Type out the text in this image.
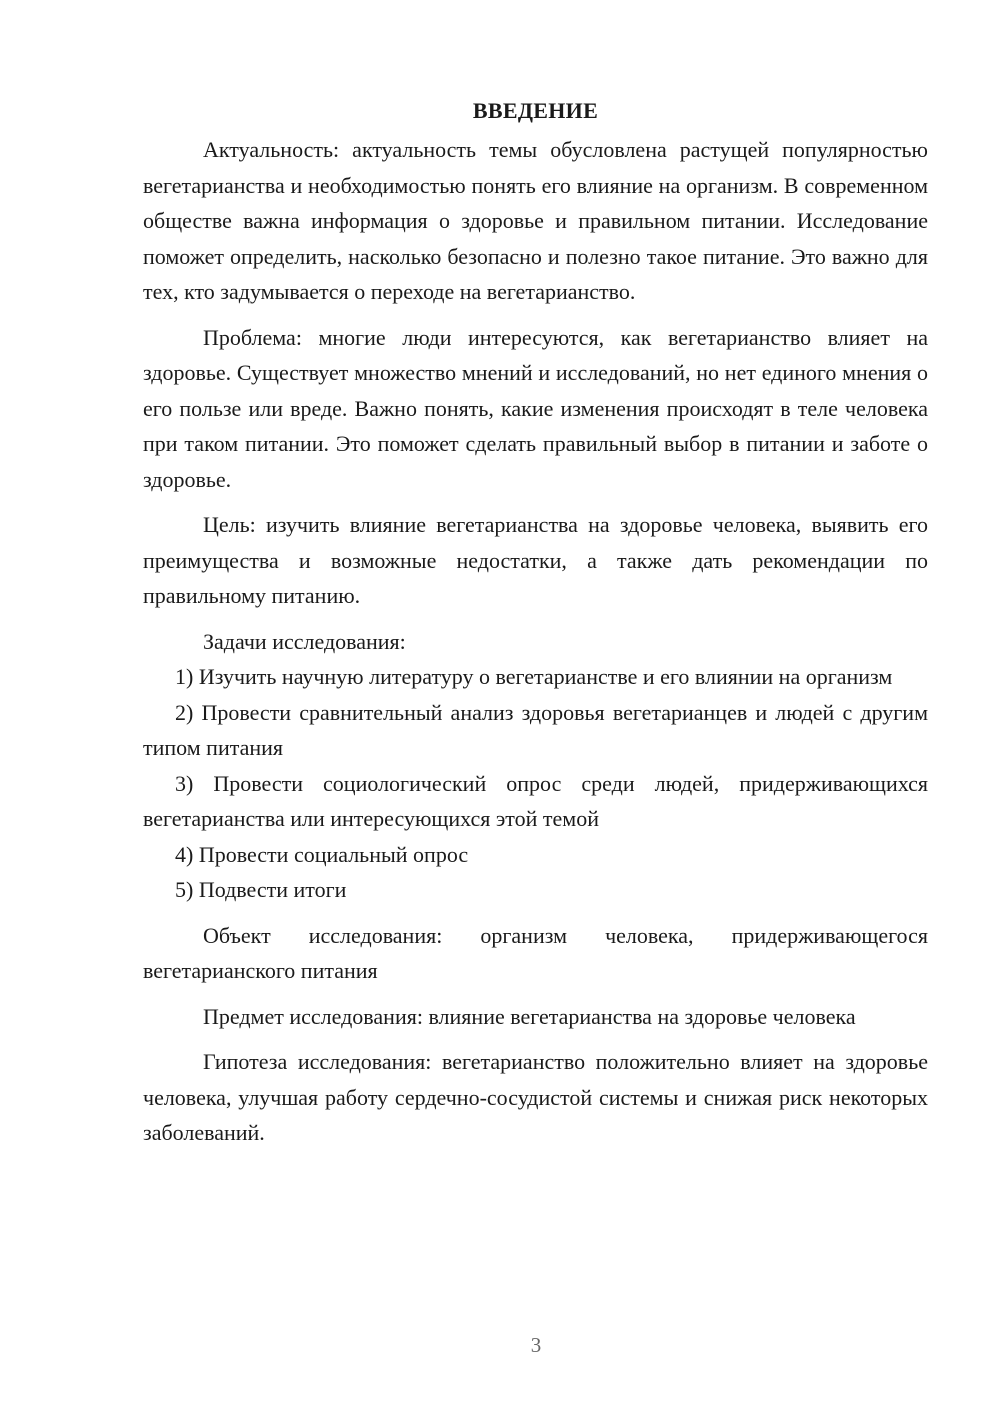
ВВЕДЕНИЕ

Актуальность: актуальность темы обусловлена растущей популярностью вегетарианства и необходимостью понять его влияние на организм. В современном обществе важна информация о здоровье и правильном питании. Исследование поможет определить, насколько безопасно и полезно такое питание. Это важно для тех, кто задумывается о переходе на вегетарианство.

Проблема: многие люди интересуются, как вегетарианство влияет на здоровье. Существует множество мнений и исследований, но нет единого мнения о его пользе или вреде. Важно понять, какие изменения происходят в теле человека при таком питании. Это поможет сделать правильный выбор в питании и заботе о здоровье.

Цель: изучить влияние вегетарианства на здоровье человека, выявить его преимущества и возможные недостатки, а также дать рекомендации по правильному питанию.

Задачи исследования:

1) Изучить научную литературу о вегетарианстве и его влиянии на организм

2) Провести сравнительный анализ здоровья вегетарианцев и людей с другим типом питания

3) Провести социологический опрос среди людей, придерживающихся вегетарианства или интересующихся этой темой

4) Провести социальный опрос

5) Подвести итоги

Объект исследования: организм человека, придерживающегося вегетарианского питания

Предмет исследования: влияние вегетарианства на здоровье человека

Гипотеза исследования: вегетарианство положительно влияет на здоровье человека, улучшая работу сердечно-сосудистой системы и снижая риск некоторых заболеваний.

3
